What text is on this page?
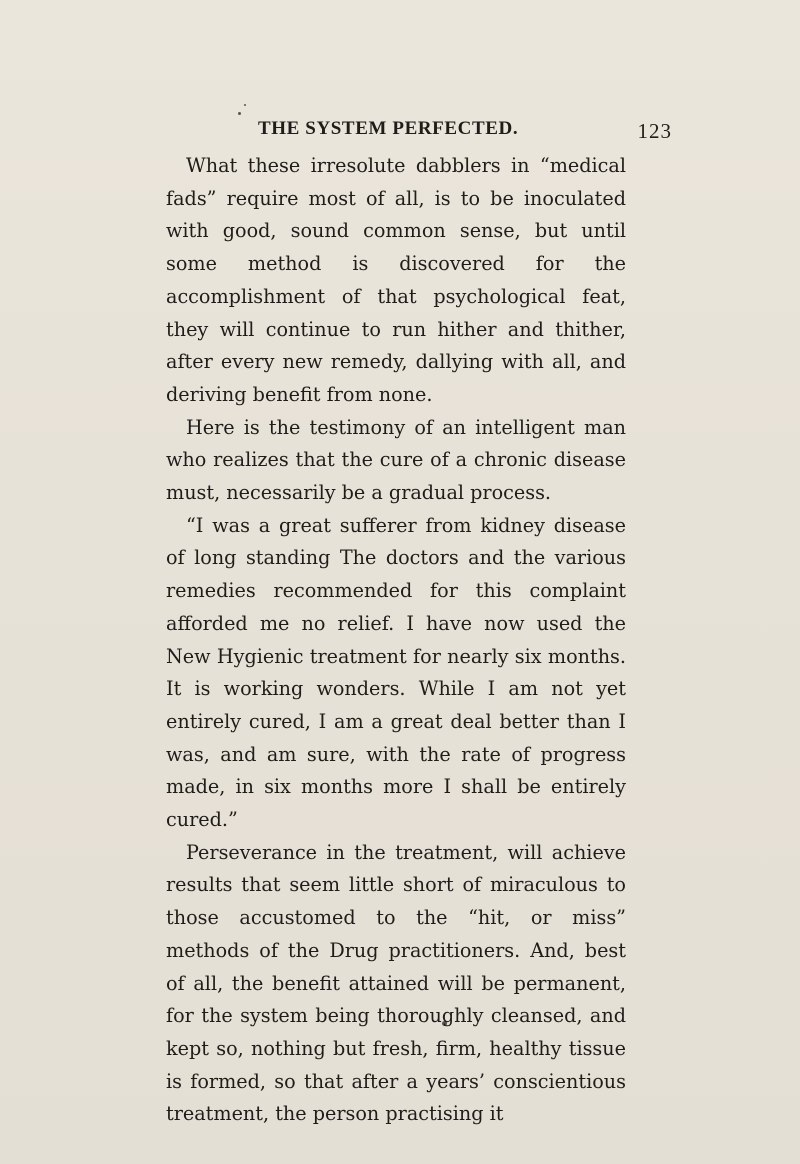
THE SYSTEM PERFECTED.	123

What these irresolute dabblers in “medical fads” require most of all, is to be inoculated with good, sound common sense, but until some method is discovered for the accomplishment of that psychological feat, they will continue to run hither and thither, after every new remedy, dallying with all, and deriving benefit from none.

Here is the testimony of an intelligent man who realizes that the cure of a chronic disease must, necessarily be a gradual process.

“I was a great sufferer from kidney disease of long standing The doctors and the various remedies recommended for this complaint afforded me no relief. I have now used the New Hygienic treatment for nearly six months. It is working wonders. While I am not yet entirely cured, I am a great deal better than I was, and am sure, with the rate of progress made, in six months more I shall be entirely cured.”

Perseverance in the treatment, will achieve results that seem little short of miraculous to those accustomed to the “hit, or miss” methods of the Drug practitioners. And, best of all, the benefit attained will be permanent, for the system being thoroughly cleansed, and kept so, nothing but fresh, firm, healthy tissue is formed, so that after a years’ conscientious treatment, the person practising it
